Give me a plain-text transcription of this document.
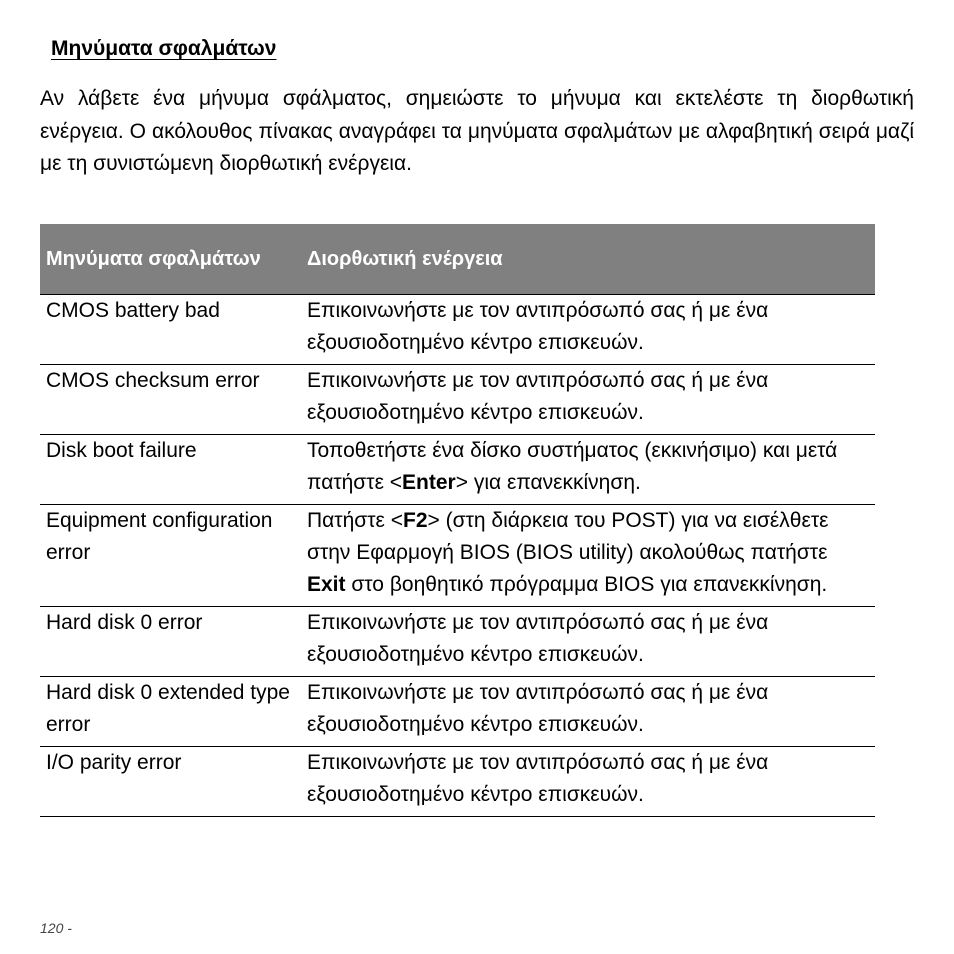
Μηνύματα σφαλμάτων

Αν λάβετε ένα μήνυμα σφάλματος, σημειώστε το μήνυμα και εκτελέστε τη διορθωτική ενέργεια. Ο ακόλουθος πίνακας αναγράφει τα μηνύματα σφαλμάτων με αλφαβητική σειρά μαζί με τη συνιστώμενη διορθωτική ενέργεια.

Μηνύματα σφαλμάτων	Διορθωτική ενέργεια
CMOS battery bad	Επικοινωνήστε με τον αντιπρόσωπό σας ή με ένα εξουσιοδοτημένο κέντρο επισκευών.
CMOS checksum error	Επικοινωνήστε με τον αντιπρόσωπό σας ή με ένα εξουσιοδοτημένο κέντρο επισκευών.
Disk boot failure	Τοποθετήστε ένα δίσκο συστήματος (εκκινήσιμο) και μετά πατήστε <Enter> για επανεκκίνηση.
Equipment configuration error	Πατήστε <F2> (στη διάρκεια του POST) για να εισέλθετε στην Εφαρμογή BIOS (BIOS utility) ακολούθως πατήστε Exit στο βοηθητικό πρόγραμμα BIOS για επανεκκίνηση.
Hard disk 0 error	Επικοινωνήστε με τον αντιπρόσωπό σας ή με ένα εξουσιοδοτημένο κέντρο επισκευών.
Hard disk 0 extended type error	Επικοινωνήστε με τον αντιπρόσωπό σας ή με ένα εξουσιοδοτημένο κέντρο επισκευών.
I/O parity error	Επικοινωνήστε με τον αντιπρόσωπό σας ή με ένα εξουσιοδοτημένο κέντρο επισκευών.
120 -
